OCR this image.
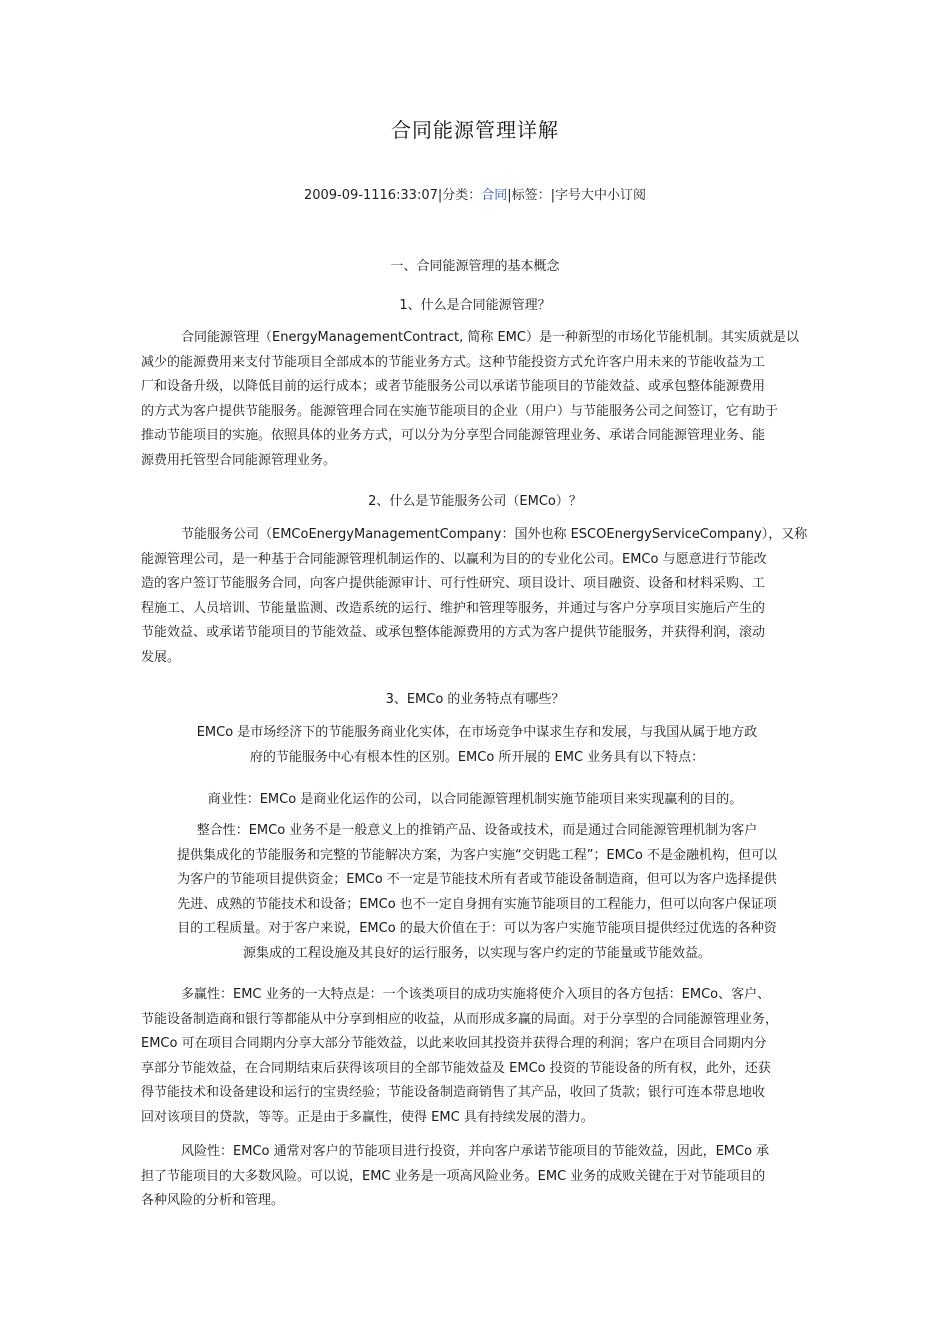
合同能源管理详解
2009-09-1116:33:07|分类：合同|标签：|字号大中小订阅
一、合同能源管理的基本概念
1、什么是合同能源管理？
合同能源管理（EnergyManagementContract, 简称 EMC）是一种新型的市场化节能机制。其实质就是以
减少的能源费用来支付节能项目全部成本的节能业务方式。这种节能投资方式允许客户用未来的节能收益为工
厂和设备升级，以降低目前的运行成本；或者节能服务公司以承诺节能项目的节能效益、或承包整体能源费用
的方式为客户提供节能服务。能源管理合同在实施节能项目的企业（用户）与节能服务公司之间签订，它有助于
推动节能项目的实施。依照具体的业务方式，可以分为分享型合同能源管理业务、承诺合同能源管理业务、能
源费用托管型合同能源管理业务。
2、什么是节能服务公司（EMCo）？
节能服务公司（EMCoEnergyManagementCompany：国外也称 ESCOEnergyServiceCompany），又称
能源管理公司，是一种基于合同能源管理机制运作的、以赢利为目的的专业化公司。EMCo 与愿意进行节能改
造的客户签订节能服务合同，向客户提供能源审计、可行性研究、项目设计、项目融资、设备和材料采购、工
程施工、人员培训、节能量监测、改造系统的运行、维护和管理等服务，并通过与客户分享项目实施后产生的
节能效益、或承诺节能项目的节能效益、或承包整体能源费用的方式为客户提供节能服务，并获得利润，滚动
发展。
3、EMCo 的业务特点有哪些？
EMCo 是市场经济下的节能服务商业化实体，在市场竞争中谋求生存和发展，与我国从属于地方政
府的节能服务中心有根本性的区别。EMCo 所开展的 EMC 业务具有以下特点：
商业性：EMCo 是商业化运作的公司，以合同能源管理机制实施节能项目来实现赢利的目的。
整合性：EMCo 业务不是一般意义上的推销产品、设备或技术，而是通过合同能源管理机制为客户
提供集成化的节能服务和完整的节能解决方案，为客户实施“交钥匙工程”；EMCo 不是金融机构，但可以
为客户的节能项目提供资金；EMCo 不一定是节能技术所有者或节能设备制造商，但可以为客户选择提供
先进、成熟的节能技术和设备；EMCo 也不一定自身拥有实施节能项目的工程能力，但可以向客户保证项
目的工程质量。对于客户来说，EMCo 的最大价值在于：可以为客户实施节能项目提供经过优选的各种资
源集成的工程设施及其良好的运行服务，以实现与客户约定的节能量或节能效益。
多赢性：EMC 业务的一大特点是：一个该类项目的成功实施将使介入项目的各方包括：EMCo、客户、
节能设备制造商和银行等都能从中分享到相应的收益，从而形成多赢的局面。对于分享型的合同能源管理业务，
EMCo 可在项目合同期内分享大部分节能效益，以此来收回其投资并获得合理的利润；客户在项目合同期内分
享部分节能效益，在合同期结束后获得该项目的全部节能效益及 EMCo 投资的节能设备的所有权，此外，还获
得节能技术和设备建设和运行的宝贵经验；节能设备制造商销售了其产品，收回了货款；银行可连本带息地收
回对该项目的贷款，等等。正是由于多赢性，使得 EMC 具有持续发展的潜力。
风险性：EMCo 通常对客户的节能项目进行投资，并向客户承诺节能项目的节能效益，因此，EMCo 承
担了节能项目的大多数风险。可以说，EMC 业务是一项高风险业务。EMC 业务的成败关键在于对节能项目的
各种风险的分析和管理。
